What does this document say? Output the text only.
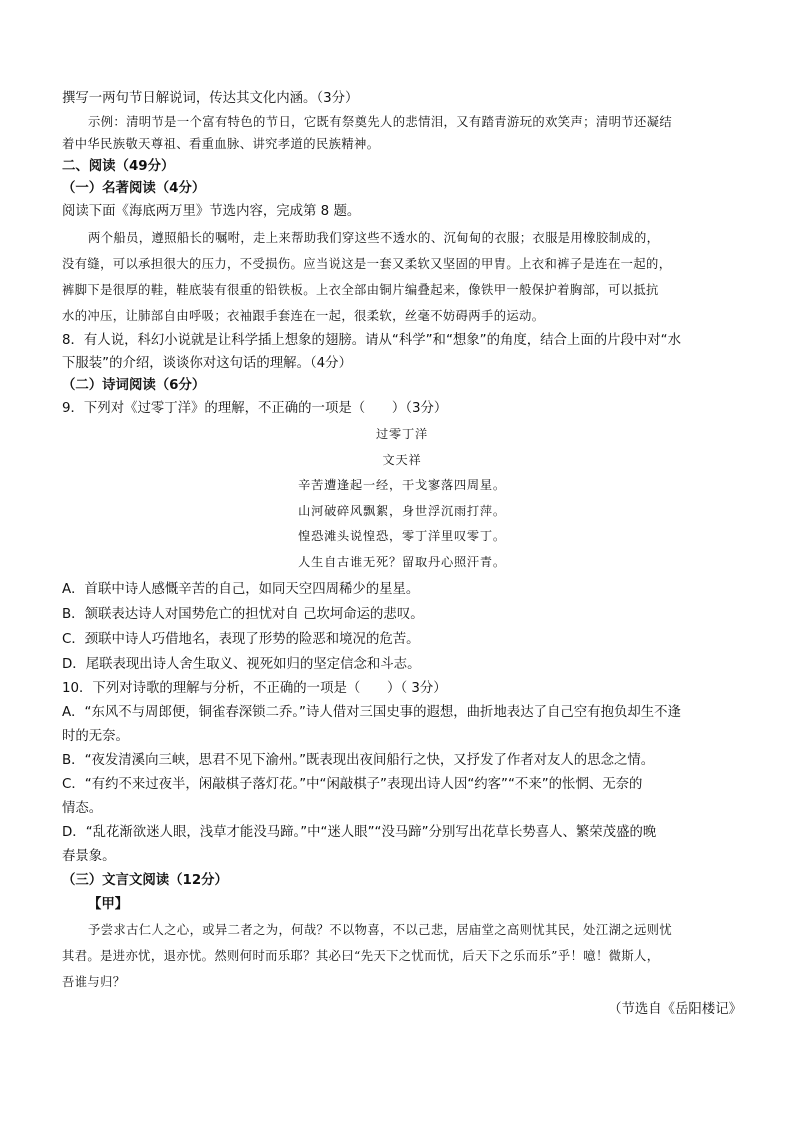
撰写一两句节日解说词，传达其文化内涵。（3分）

示例：清明节是一个富有特色的节日，它既有祭奠先人的悲情泪，又有踏青游玩的欢笑声；清明节还凝结

着中华民族敬天尊祖、看重血脉、讲究孝道的民族精神。

二、阅读（49分）

（一）名著阅读（4分）

阅读下面《海底两万里》节选内容，完成第 8 题。

两个船员，遵照船长的嘱咐，走上来帮助我们穿这些不透水的、沉甸甸的衣服；衣服是用橡胶制成的，

没有缝，可以承担很大的压力，不受损伤。应当说这是一套又柔软又坚固的甲胄。上衣和裤子是连在一起的，

裤脚下是很厚的鞋，鞋底装有很重的铅铁板。上衣全部由铜片编叠起来，像铁甲一般保护着胸部，可以抵抗

水的冲压，让肺部自由呼吸；衣袖跟手套连在一起，很柔软，丝毫不妨碍两手的运动。

8．有人说，科幻小说就是让科学插上想象的翅膀。请从“科学”和“想象”的角度，结合上面的片段中对“水

下服装”的介绍，谈谈你对这句话的理解。（4分）

（二）诗词阅读（6分）

9．下列对《过零丁洋》的理解，不正确的一项是（　　）（3分）

过零丁洋

文天祥

辛苦遭逢起一经，干戈寥落四周星。

山河破碎风飘絮，身世浮沉雨打萍。

惶恐滩头说惶恐，零丁洋里叹零丁。

人生自古谁无死？留取丹心照汗青。

A．首联中诗人感慨辛苦的自己，如同天空四周稀少的星星。

B．颔联表达诗人对国势危亡的担忧对自 己坎坷命运的悲叹。

C．颈联中诗人巧借地名，表现了形势的险恶和境况的危苦。

D．尾联表现出诗人舍生取义、视死如归的坚定信念和斗志。

10．下列对诗歌的理解与分析，不正确的一项是（　　）（ 3分）

A．“东风不与周郎便，铜雀春深锁二乔。”诗人借对三国史事的遐想，曲折地表达了自己空有抱负却生不逢

时的无奈。

B．“夜发清溪向三峡，思君不见下渝州。”既表现出夜间船行之快，又抒发了作者对友人的思念之情。

C．“有约不来过夜半，闲敲棋子落灯花。”中“闲敲棋子”表现出诗人因“约客”“不来”的怅惘、无奈的

情态。

D．“乱花渐欲迷人眼，浅草才能没马蹄。”中“迷人眼”“没马蹄”分别写出花草长势喜人、繁荣茂盛的晚

春景象。

（三）文言文阅读（12分）

【甲】

予尝求古仁人之心，或异二者之为，何哉？不以物喜，不以己悲，居庙堂之高则忧其民，处江湖之远则忧

其君。是进亦忧，退亦忧。然则何时而乐耶？其必曰“先天下之忧而忧，后天下之乐而乐”乎！噫！微斯人，

吾谁与归？

（节选自《岳阳楼记》
